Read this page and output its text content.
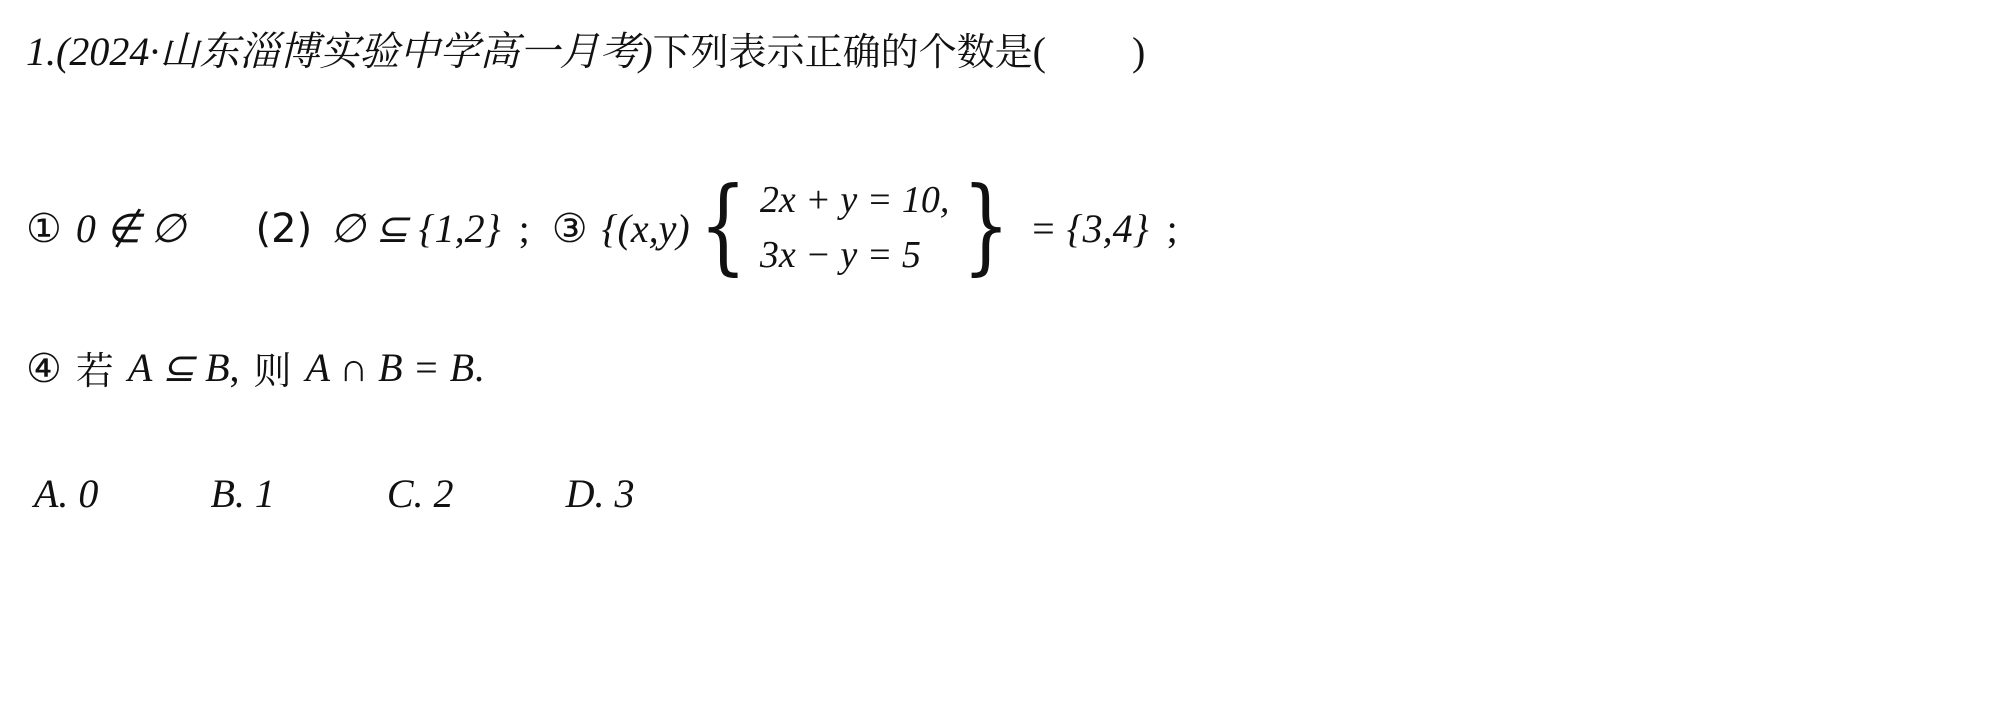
1.(2024·山东淄博实验中学高一月考)下列表示正确的个数是( )
① 0 ∉ ∅ (2) ∅ ⊆ {1,2} ; ③ {(x,y) { 2x + y = 10,
3x − y = 5 } = {3,4} ;
④ 若 A ⊆ B , 则 A ∩ B = B .
A. 0	B. 1	C. 2	D. 3
